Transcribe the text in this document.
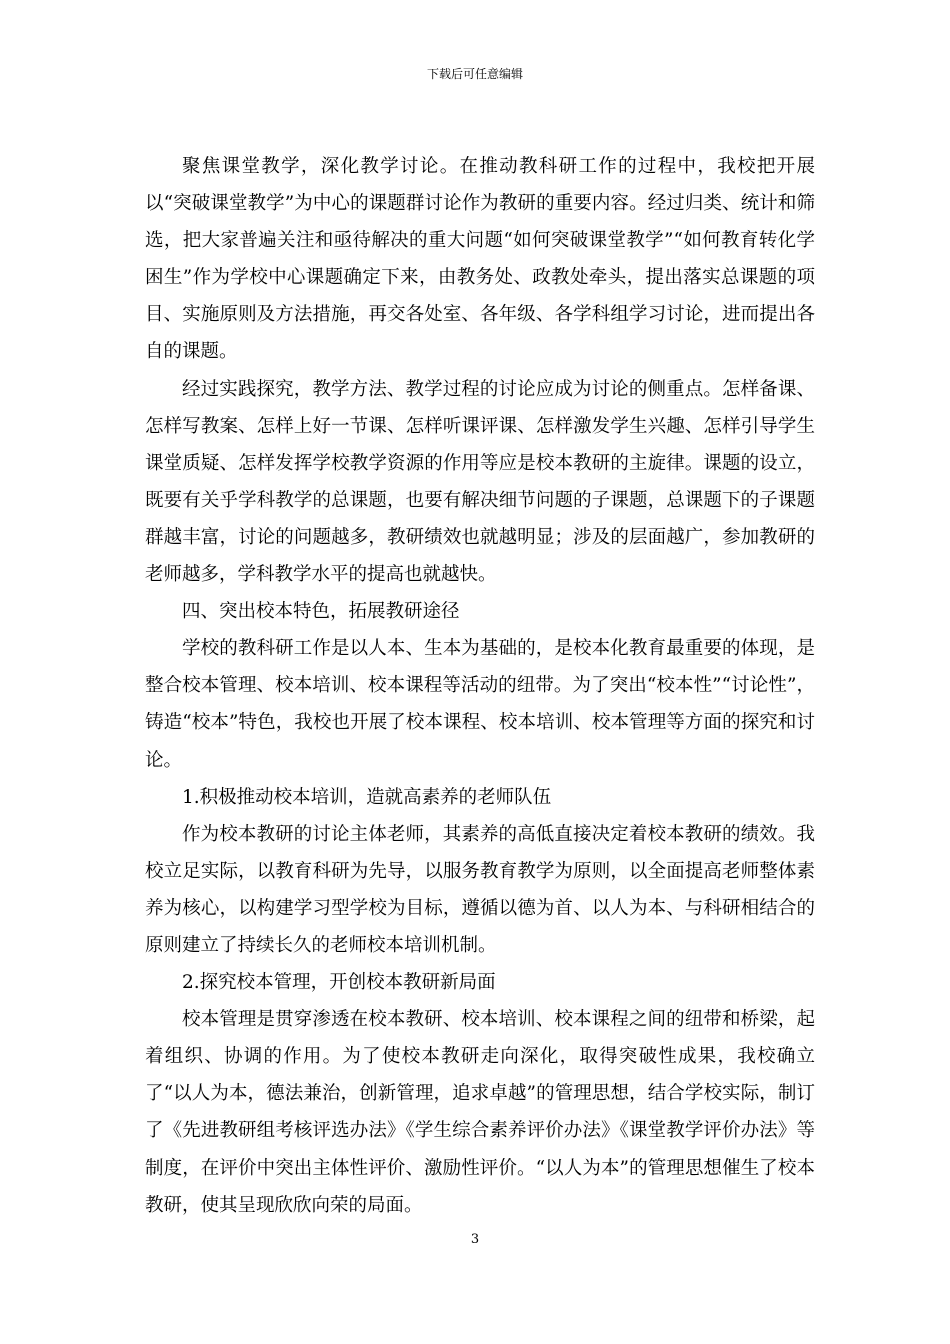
下载后可任意编辑

聚焦课堂教学，深化教学讨论。在推动教科研工作的过程中，我校把开展以“突破课堂教学”为中心的课题群讨论作为教研的重要内容。经过归类、统计和筛选，把大家普遍关注和亟待解决的重大问题“如何突破课堂教学”“如何教育转化学困生”作为学校中心课题确定下来，由教务处、政教处牵头，提出落实总课题的项目、实施原则及方法措施，再交各处室、各年级、各学科组学习讨论，进而提出各自的课题。

经过实践探究，教学方法、教学过程的讨论应成为讨论的侧重点。怎样备课、怎样写教案、怎样上好一节课、怎样听课评课、怎样激发学生兴趣、怎样引导学生课堂质疑、怎样发挥学校教学资源的作用等应是校本教研的主旋律。课题的设立，既要有关乎学科教学的总课题，也要有解决细节问题的子课题，总课题下的子课题群越丰富，讨论的问题越多，教研绩效也就越明显；涉及的层面越广，参加教研的老师越多，学科教学水平的提高也就越快。

四、突出校本特色，拓展教研途径

学校的教科研工作是以人本、生本为基础的，是校本化教育最重要的体现，是整合校本管理、校本培训、校本课程等活动的纽带。为了突出“校本性”“讨论性”，铸造“校本”特色，我校也开展了校本课程、校本培训、校本管理等方面的探究和讨论。

1.积极推动校本培训，造就高素养的老师队伍

作为校本教研的讨论主体老师，其素养的高低直接决定着校本教研的绩效。我校立足实际，以教育科研为先导，以服务教育教学为原则，以全面提高老师整体素养为核心，以构建学习型学校为目标，遵循以德为首、以人为本、与科研相结合的原则建立了持续长久的老师校本培训机制。

2.探究校本管理，开创校本教研新局面

校本管理是贯穿渗透在校本教研、校本培训、校本课程之间的纽带和桥梁，起着组织、协调的作用。为了使校本教研走向深化，取得突破性成果，我校确立了“以人为本，德法兼治，创新管理，追求卓越”的管理思想，结合学校实际，制订了《先进教研组考核评选办法》《学生综合素养评价办法》《课堂教学评价办法》等制度，在评价中突出主体性评价、激励性评价。“以人为本”的管理思想催生了校本教研，使其呈现欣欣向荣的局面。

3
